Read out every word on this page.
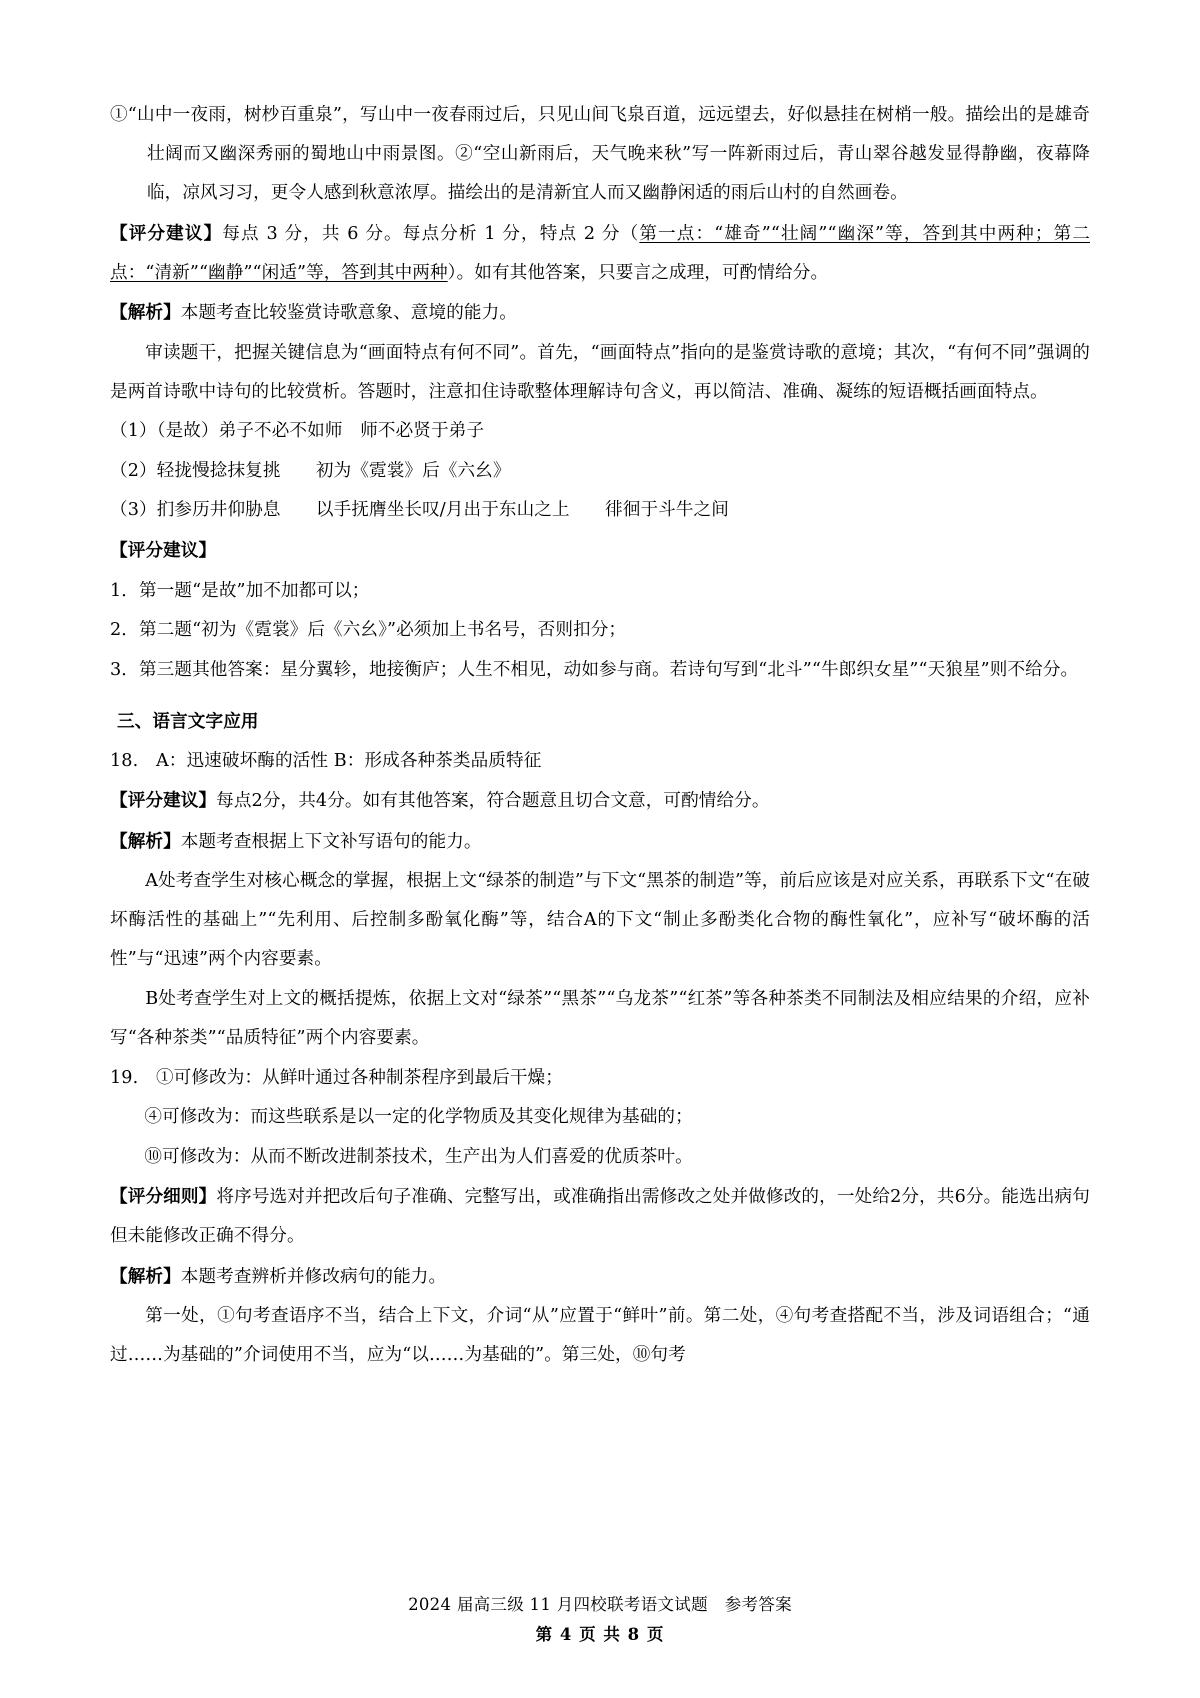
①“山中一夜雨，树杪百重泉”，写山中一夜春雨过后，只见山间飞泉百道，远远望去，好似悬挂在树梢一般。描绘出的是雄奇壮阔而又幽深秀丽的蜀地山中雨景图。②“空山新雨后，天气晚来秋”写一阵新雨过后，青山翠谷越发显得静幽，夜幕降临，凉风习习，更令人感到秋意浓厚。描绘出的是清新宜人而又幽静闲适的雨后山村的自然画卷。

【评分建议】每点 3 分，共 6 分。每点分析 1 分，特点 2 分（第一点：“雄奇”“壮阔”“幽深”等，答到其中两种；第二点：“清新”“幽静”“闲适”等，答到其中两种）。如有其他答案，只要言之成理，可酌情给分。

【解析】本题考查比较鉴赏诗歌意象、意境的能力。

审读题干，把握关键信息为“画面特点有何不同”。首先，“画面特点”指向的是鉴赏诗歌的意境；其次，“有何不同”强调的是两首诗歌中诗句的比较赏析。答题时，注意扣住诗歌整体理解诗句含义，再以简洁、准确、凝练的短语概括画面特点。

（1）（是故）弟子不必不如师　师不必贤于弟子

（2）轻拢慢捻抹复挑　　初为《霓裳》后《六幺》

（3）扪参历井仰胁息　　以手抚膺坐长叹/月出于东山之上　　徘徊于斗牛之间

【评分建议】

1．第一题“是故”加不加都可以；

2．第二题“初为《霓裳》后《六幺》”必须加上书名号，否则扣分；

3．第三题其他答案：星分翼轸，地接衡庐；人生不相见，动如参与商。若诗句写到“北斗”“牛郎织女星”“天狼星”则不给分。

三、语言文字应用

18.　 A：迅速破坏酶的活性 B：形成各种茶类品质特征

【评分建议】每点2分，共4分。如有其他答案，符合题意且切合文意，可酌情给分。

【解析】本题考查根据上下文补写语句的能力。

A处考查学生对核心概念的掌握，根据上文“绿茶的制造”与下文“黑茶的制造”等，前后应该是对应关系，再联系下文“在破坏酶活性的基础上”“先利用、后控制多酚氧化酶”等，结合A的下文“制止多酚类化合物的酶性氧化”，应补写“破坏酶的活性”与“迅速”两个内容要素。

B处考查学生对上文的概括提炼，依据上文对“绿茶”“黑茶”“乌龙茶”“红茶”等各种茶类不同制法及相应结果的介绍，应补写“各种茶类”“品质特征”两个内容要素。

19.　 ①可修改为：从鲜叶通过各种制茶程序到最后干燥；

④可修改为：而这些联系是以一定的化学物质及其变化规律为基础的；

⑩可修改为：从而不断改进制茶技术，生产出为人们喜爱的优质茶叶。

【评分细则】将序号选对并把改后句子准确、完整写出，或准确指出需修改之处并做修改的，一处给2分，共6分。能选出病句但未能修改正确不得分。

【解析】本题考查辨析并修改病句的能力。

第一处，①句考查语序不当，结合上下文，介词“从”应置于“鲜叶”前。第二处，④句考查搭配不当，涉及词语组合；“通过……为基础的”介词使用不当，应为“以……为基础的”。第三处，⑩句考

2024 届高三级 11 月四校联考语文试题　参考答案
第 4 页 共 8 页
